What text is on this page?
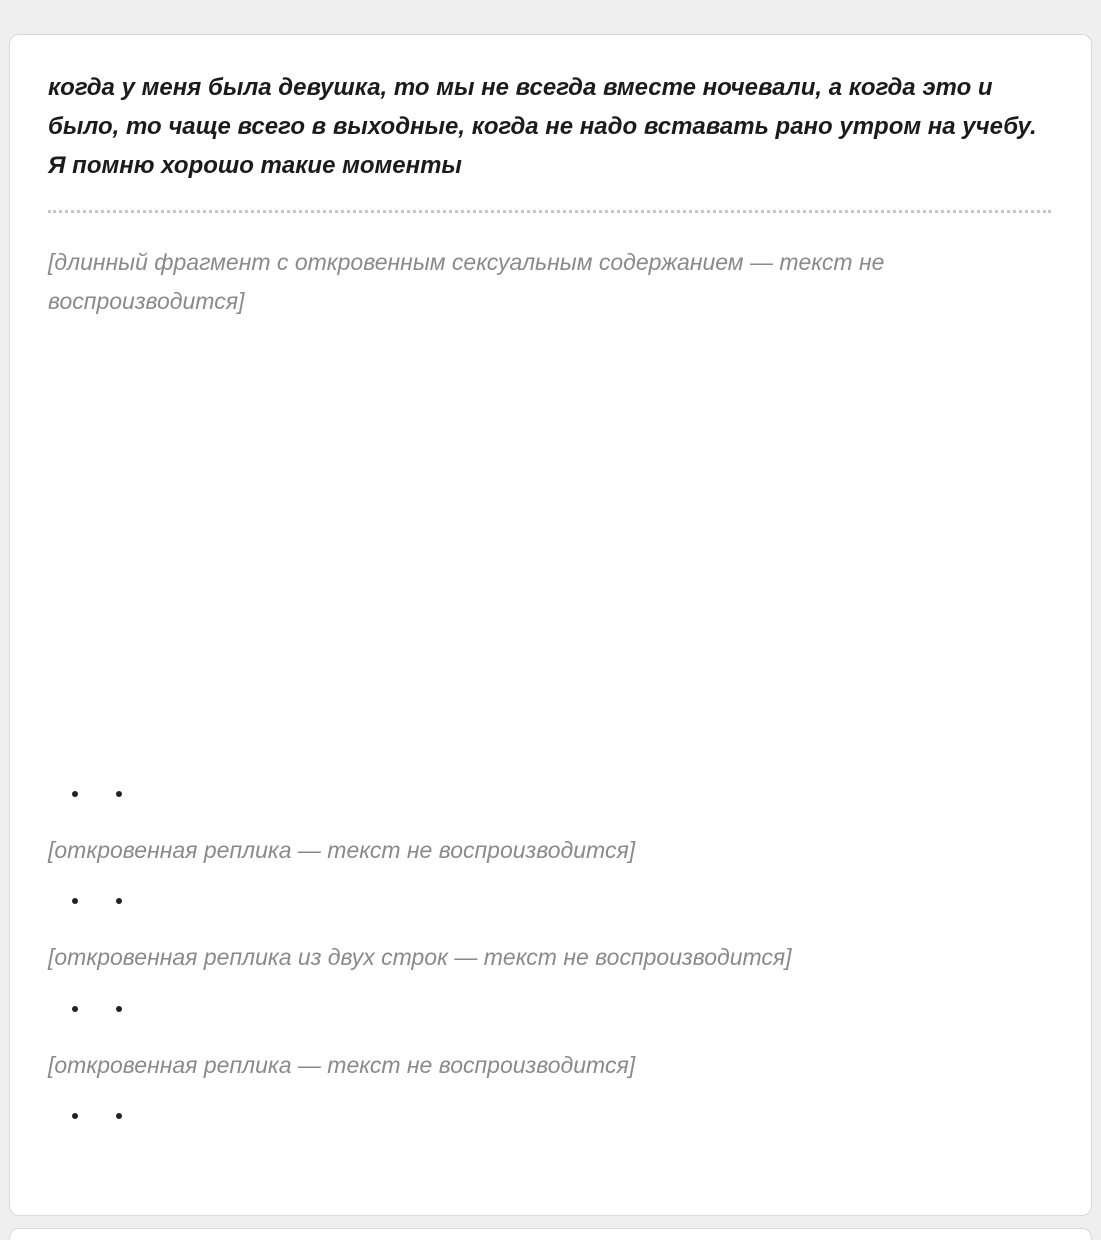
когда у меня была девушка, то мы не всегда вместе ночевали, а когда это и было, то чаще всего в выходные, когда не надо вставать рано утром на учебу. Я помню хорошо такие моменты

[длинный фрагмент с откровенным сексуальным содержанием — текст не воспроизводится]

[откровенная реплика — текст не воспроизводится]

[откровенная реплика из двух строк — текст не воспроизводится]

[откровенная реплика — текст не воспроизводится]
